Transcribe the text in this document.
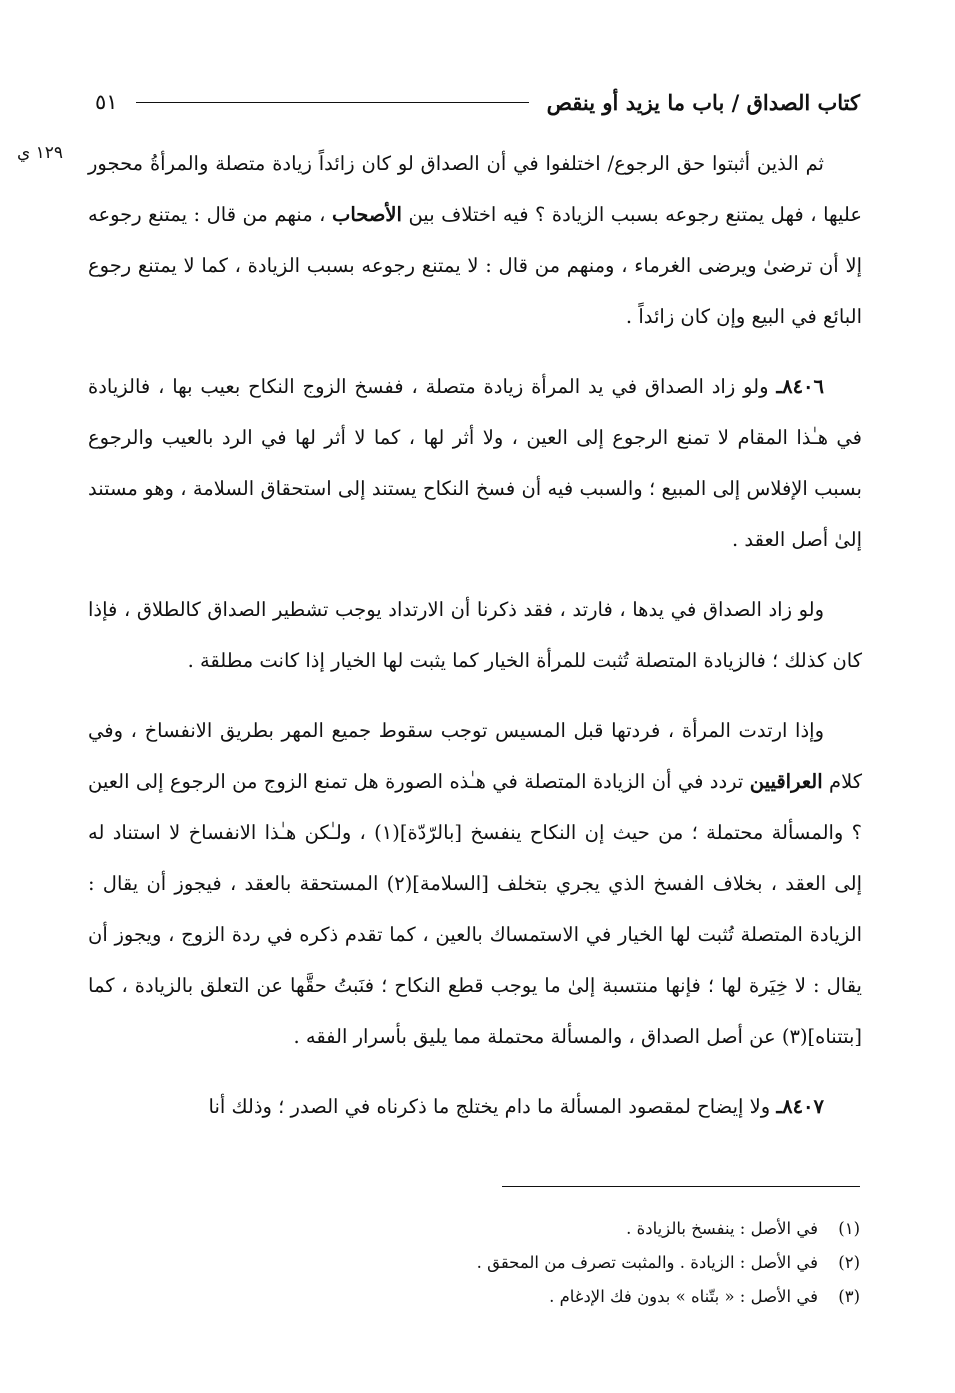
كتاب الصداق / باب ما يزيد أو ينقص
٥١
١٢٩ ي	ثم الذين أثبتوا حق الرجوع/ اختلفوا في أن الصداق لو كان زائداً زيادة متصلة والمرأةُ محجور عليها ، فهل يمتنع رجوعه بسبب الزيادة ؟ فيه اختلاف بين الأصحاب ، منهم من قال : يمتنع رجوعه إلا أن ترضىٰ ويرضى الغرماء ، ومنهم من قال : لا يمتنع رجوعه بسبب الزيادة ، كما لا يمتنع رجوع البائع في البيع وإن كان زائداً .

٨٤٠٦ـ ولو زاد الصداق في يد المرأة زيادة متصلة ، ففسخ الزوج النكاح بعيب بها ، فالزيادة في هـٰذا المقام لا تمنع الرجوع إلى العين ، ولا أثر لها ، كما لا أثر لها في الرد بالعيب والرجوع بسبب الإفلاس إلى المبيع ؛ والسبب فيه أن فسخ النكاح يستند إلى استحقاق السلامة ، وهو مستند إلىٰ أصل العقد .

ولو زاد الصداق في يدها ، فارتد ، فقد ذكرنا أن الارتداد يوجب تشطير الصداق كالطلاق ، فإذا كان كذلك ؛ فالزيادة المتصلة تُثبت للمرأة الخيار كما يثبت لها الخيار إذا كانت مطلقة .

وإذا ارتدت المرأة ، فردتها قبل المسيس توجب سقوط جميع المهر بطريق الانفساخ ، وفي كلام العراقيين تردد في أن الزيادة المتصلة في هـٰذه الصورة هل تمنع الزوج من الرجوع إلى العين ؟ والمسألة محتملة ؛ من حيث إن النكاح ينفسخ [بالرّدّة](١) ، ولـٰكن هـٰذا الانفساخ لا استناد له إلى العقد ، بخلاف الفسخ الذي يجري بتخلف [السلامة](٢) المستحقة بالعقد ، فيجوز أن يقال : الزيادة المتصلة تُثبت لها الخيار في الاستمساك بالعين ، كما تقدم ذكره في ردة الزوج ، ويجوز أن يقال : لا خِيَرة لها ؛ فإنها منتسبة إلىٰ ما يوجب قطع النكاح ؛ فنَبتُ حقَّها عن التعلق بالزيادة ، كما [بتتناه](٣) عن أصل الصداق ، والمسألة محتملة مما يليق بأسرار الفقه .

٨٤٠٧ـ ولا إيضاح لمقصود المسألة ما دام يختلج ما ذكرناه في الصدر ؛ وذلك أنا

(١)
في الأصل : ينفسخ بالزيادة .
(٢)
في الأصل : الزيادة . والمثبت تصرف من المحقق .
(٣)
في الأصل : « بتّناه » بدون فك الإدغام .
